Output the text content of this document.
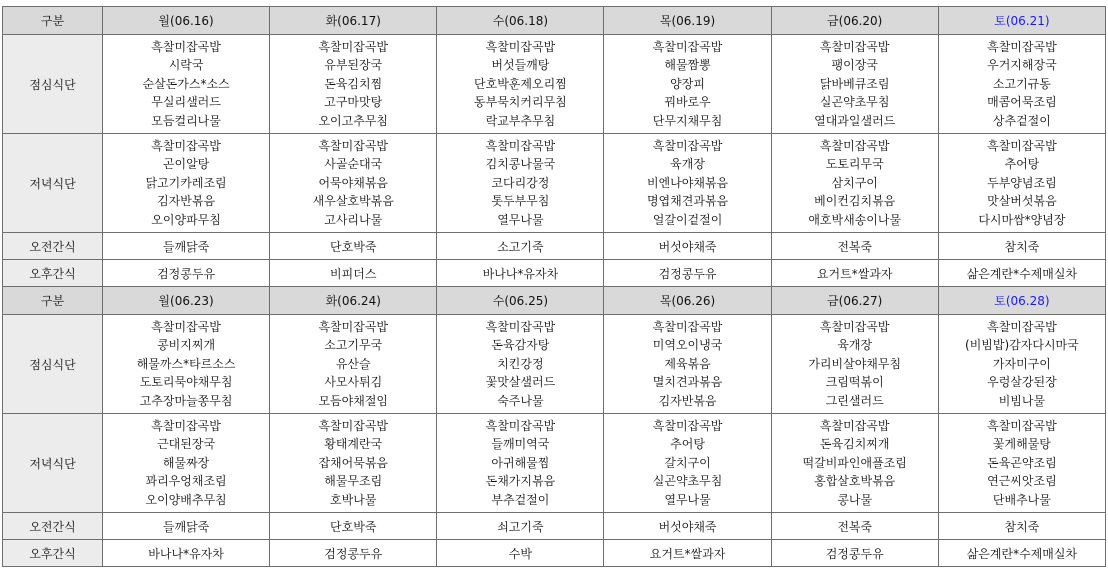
구분	월(06.16)	화(06.17)	수(06.18)	목(06.19)	금(06.20)	토(06.21)
점심식단	흑찰미잡곡밥
시락국
순살돈가스*소스
무실리샐러드
모듬컬리나물	흑찰미잡곡밥
유부된장국
돈육김치찜
고구마맛탕
오이고추무침	흑찰미잡곡밥
버섯들깨탕
단호박훈제오리찜
동부묵치커리무침
락교부추무침	흑찰미잡곡밥
해물짬뽕
양장피
꿔바로우
단무지채무침	흑찰미잡곡밥
팽이장국
닭바베큐조림
실곤약초무침
열대과일샐러드	흑찰미잡곡밥
우거지해장국
소고기규동
매콤어묵조림
상추겉절이

저녁식단	흑찰미잡곡밥
곤이알탕
닭고기카레조림
김자반볶음
오이양파무침	흑찰미잡곡밥
사골순대국
어묵야채볶음
새우살호박볶음
고사리나물	흑찰미잡곡밥
김치콩나물국
코다리강정
톳두부무침
열무나물	흑찰미잡곡밥
육개장
비엔나야채볶음
명엽채견과볶음
얼갈이겉절이	흑찰미잡곡밥
도토리무국
삼치구이
베이컨김치볶음
애호박새송이나물	흑찰미잡곡밥
추어탕
두부양념조림
맛살버섯볶음
다시마쌈*양념장

오전간식	들깨닭죽	단호박죽	소고기죽	버섯야채죽	전복죽	참치죽
오후간식	검정콩두유	비피더스	바나나*유자차	검정콩두유	요거트*쌀과자	삶은계란*수제매실차
구분	월(06.23)	화(06.24)	수(06.25)	목(06.26)	금(06.27)	토(06.28)
점심식단	흑찰미잡곡밥
콩비지찌개
해물까스*타르소스
도토리묵야채무침
고추장마늘쫑무침	흑찰미잡곡밥
소고기무국
유산슬
사모사튀김
모듬야채절임	흑찰미잡곡밥
돈육감자탕
치킨강정
꽃맛살샐러드
숙주나물	흑찰미잡곡밥
미역오이냉국
제육볶음
멸치견과볶음
김자반볶음	흑찰미잡곡밥
육개장
가리비살야채무침
크림떡볶이
그린샐러드	흑찰미잡곡밥
(비빔밥)감자다시마국
가자미구이
우렁살강된장
비빔나물

저녁식단	흑찰미잡곡밥
근대된장국
해물짜장
꽈리우엉채조림
오이양배추무침	흑찰미잡곡밥
황태계란국
잡채어묵볶음
해물무조림
호박나물	흑찰미잡곡밥
들깨미역국
아귀해물찜
돈채가지볶음
부추겉절이	흑찰미잡곡밥
추어탕
갈치구이
실곤약초무침
열무나물	흑찰미잡곡밥
돈육김치찌개
떡갈비파인애플조림
홍합살호박볶음
콩나물	흑찰미잡곡밥
꽃게해물탕
돈육곤약조림
연근씨앗조림
단배추나물

오전간식	들깨닭죽	단호박죽	쇠고기죽	버섯야채죽	전복죽	참치죽
오후간식	바나나*유자차	검정콩두유	수박	요거트*쌀과자	검정콩두유	삶은계란*수제매실차
